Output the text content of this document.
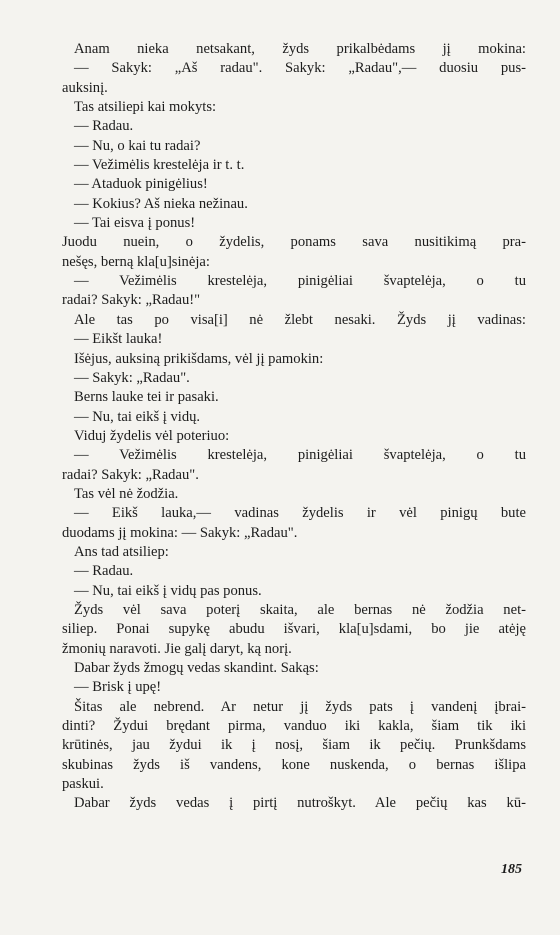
Anam nieka netsakant, žyds prikalbėdams jį mokina:
— Sakyk: „Aš radau". Sakyk: „Radau",— duosiu pus-
auksinį.
Tas atsiliepi kai mokyts:
— Radau.
— Nu, o kai tu radai?
— Vežimėlis krestelėja ir t. t.
— Ataduok pinigėlius!
— Kokius? Aš nieka nežinau.
— Tai eisva į ponus!
Juodu nuein, o žydelis, ponams sava nusitikimą pra-
nešęs, berną kla[u]sinėja:
— Vežimėlis krestelėja, pinigėliai švaptelėja, o tu
radai? Sakyk: „Radau!"
Ale tas po visa[i] nė žlebt nesaki. Žyds jį vadinas:
— Eikšt lauka!
Išėjus, auksiną prikišdams, vėl jį pamokin:
— Sakyk: „Radau".
Berns lauke tei ir pasaki.
— Nu, tai eikš į vidų.
Viduj žydelis vėl poteriuo:
— Vežimėlis krestelėja, pinigėliai švaptelėja, o tu
radai? Sakyk: „Radau".
Tas vėl nė žodžia.
— Eikš lauka,— vadinas žydelis ir vėl pinigų bute
duodams jį mokina: — Sakyk: „Radau".
Ans tad atsiliep:
— Radau.
— Nu, tai eikš į vidų pas ponus.
Žyds vėl sava poterį skaita, ale bernas nė žodžia net-
siliep. Ponai supykę abudu išvari, kla[u]sdami, bo jie atėję
žmonių naravoti. Jie galį daryt, ką norį.
Dabar žyds žmogų vedas skandint. Sakąs:
— Brisk į upę!
Šitas ale nebrend. Ar netur jį žyds pats į vandenį įbrai-
dinti? Žydui brędant pirma, vanduo iki kakla, šiam tik iki
krūtinės, jau žydui ik į nosį, šiam ik pečių. Prunkšdams
skubinas žyds iš vandens, kone nuskenda, o bernas išlipa
paskui.
Dabar žyds vedas į pirtį nutroškyt. Ale pečių kas kū-
185
